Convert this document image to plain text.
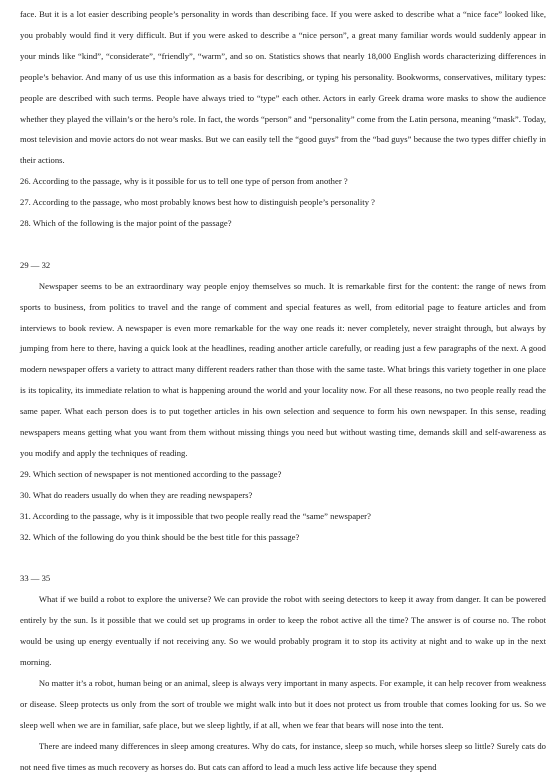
face. But it is a lot easier describing people’s personality in words than describing face. If you were asked to describe what a “nice face” looked like, you probably would find it very difficult. But if you were asked to describe a “nice person”, a great many familiar words would suddenly appear in your minds like “kind”, “considerate”, “friendly”, “warm”, and so on. Statistics shows that nearly 18,000 English words characterizing differences in people’s behavior. And many of us use this information as a basis for describing, or typing his personality. Bookworms, conservatives, military types: people are described with such terms. People have always tried to “type” each other. Actors in early Greek drama wore masks to show the audience whether they played the villain’s or the hero’s role. In fact, the words “person” and “personality” come from the Latin persona, meaning “mask”. Today, most television and movie actors do not wear masks. But we can easily tell the “good guys” from the “bad guys” because the two types differ chiefly in their actions.

26. According to the passage, why is it possible for us to tell one type of person from another ?

27. According to the passage, who most probably knows best how to distinguish people’s personality ?

28. Which of the following is the major point of the passage?

29 — 32

Newspaper seems to be an extraordinary way people enjoy themselves so much. It is remarkable first for the content: the range of news from sports to business, from politics to travel and the range of comment and special features as well, from editorial page to feature articles and from interviews to book review. A newspaper is even more remarkable for the way one reads it: never completely, never straight through, but always by jumping from here to there, having a quick look at the headlines, reading another article carefully, or reading just a few paragraphs of the next. A good modern newspaper offers a variety to attract many different readers rather than those with the same taste. What brings this variety together in one place is its topicality, its immediate relation to what is happening around the world and your locality now. For all these reasons, no two people really read the same paper. What each person does is to put together articles in his own selection and sequence to form his own newspaper. In this sense, reading newspapers means getting what you want from them without missing things you need but without wasting time, demands skill and self-awareness as you modify and apply the techniques of reading.

29. Which section of newspaper is not mentioned according to the passage?

30. What do readers usually do when they are reading newspapers?

31. According to the passage, why is it impossible that two people really read the “same” newspaper?

32. Which of the following do you think should be the best title for this passage?

33 — 35

What if we build a robot to explore the universe? We can provide the robot with seeing detectors to keep it away from danger. It can be powered entirely by the sun. Is it possible that we could set up programs in order to keep the robot active all the time? The answer is of course no. The robot would be using up energy eventually if not receiving any. So we would probably program it to stop its activity at night and to wake up in the next morning.

No matter it’s a robot, human being or an animal, sleep is always very important in many aspects. For example, it can help recover from weakness or disease. Sleep protects us only from the sort of trouble we might walk into but it does not protect us from trouble that comes looking for us. So we sleep well when we are in familiar, safe place, but we sleep lightly, if at all, when we fear that bears will nose into the tent.

There are indeed many differences in sleep among creatures. Why do cats, for instance, sleep so much, while horses sleep so little? Surely cats do not need five times as much recovery as horses do. But cats can afford to lead a much less active life because they spend
